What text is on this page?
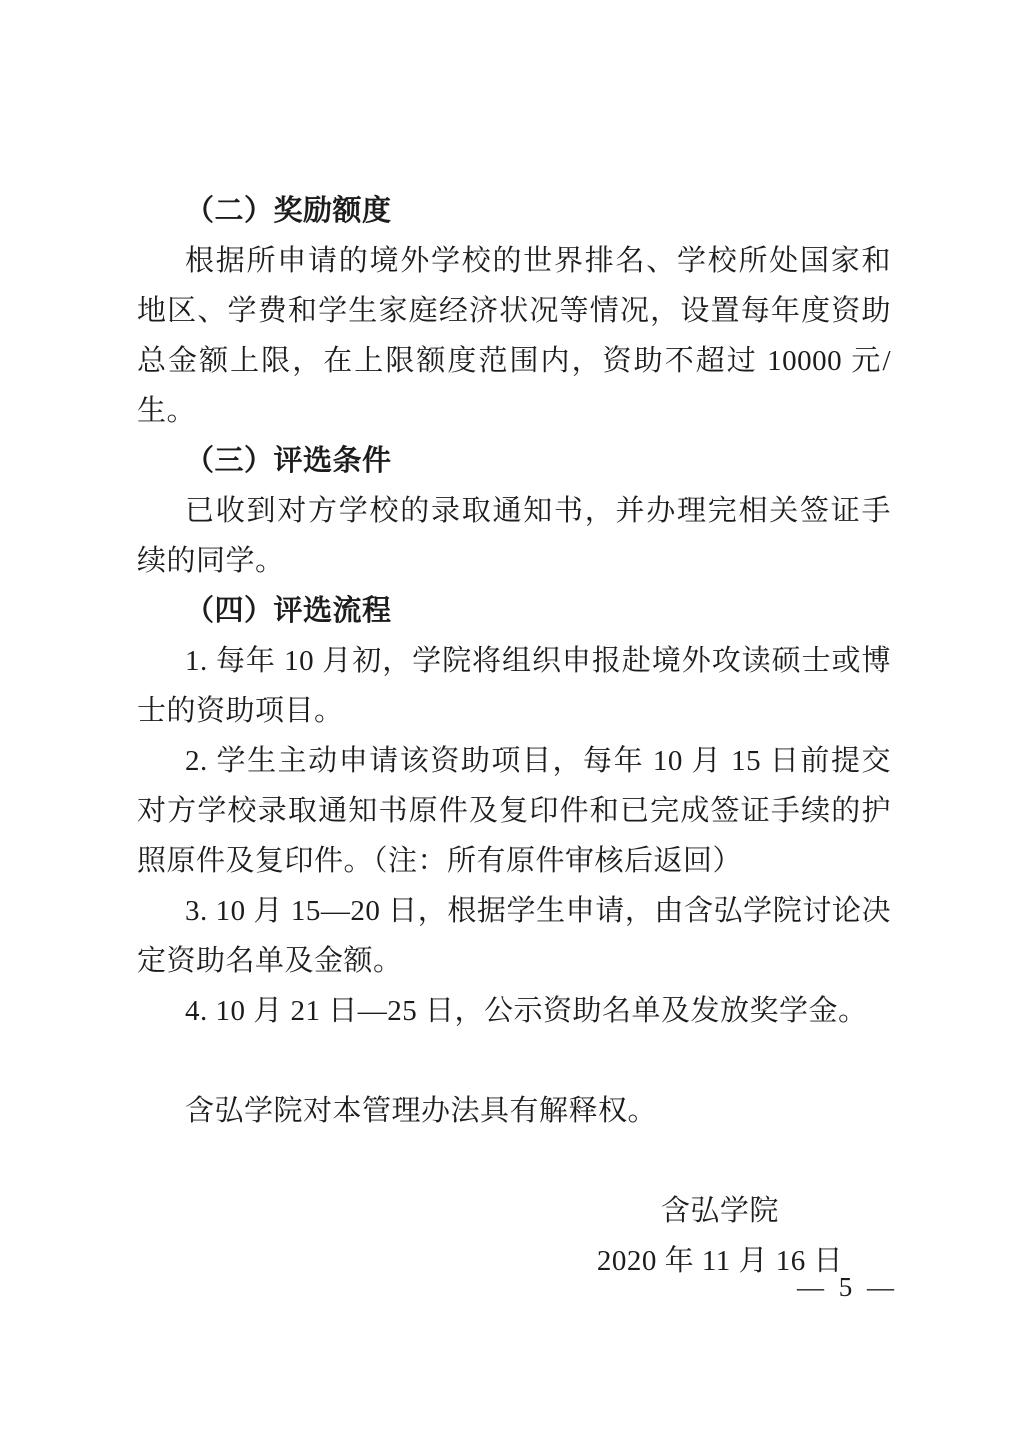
（二）奖励额度

根据所申请的境外学校的世界排名、学校所处国家和地区、学费和学生家庭经济状况等情况，设置每年度资助总金额上限，在上限额度范围内，资助不超过 10000 元/生。

（三）评选条件

已收到对方学校的录取通知书，并办理完相关签证手续的同学。

（四）评选流程

1. 每年 10 月初，学院将组织申报赴境外攻读硕士或博士的资助项目。

2. 学生主动申请该资助项目，每年 10 月 15 日前提交对方学校录取通知书原件及复印件和已完成签证手续的护照原件及复印件。（注：所有原件审核后返回）

3. 10 月 15—20 日，根据学生申请，由含弘学院讨论决定资助名单及金额。

4. 10 月 21 日—25 日，公示资助名单及发放奖学金。

含弘学院对本管理办法具有解释权。

含弘学院
2020 年 11 月 16 日
— 5 —
